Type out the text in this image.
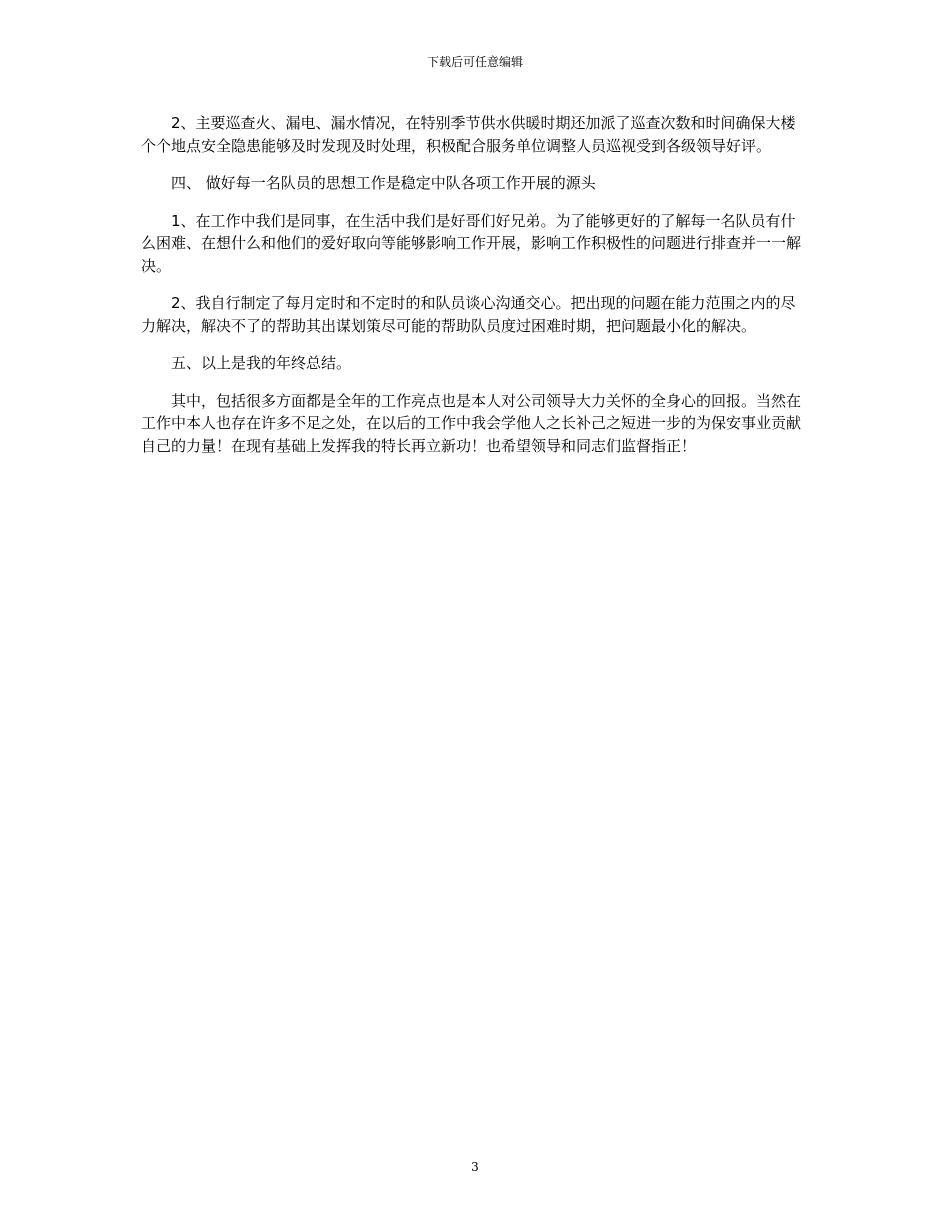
下载后可任意编辑

2、主要巡查火、漏电、漏水情况，在特别季节供水供暖时期还加派了巡查次数和时间确保大楼个个地点安全隐患能够及时发现及时处理，积极配合服务单位调整人员巡视受到各级领导好评。

四、 做好每一名队员的思想工作是稳定中队各项工作开展的源头

1、在工作中我们是同事，在生活中我们是好哥们好兄弟。为了能够更好的了解每一名队员有什么困难、在想什么和他们的爱好取向等能够影响工作开展，影响工作积极性的问题进行排查并一一解决。

2、我自行制定了每月定时和不定时的和队员谈心沟通交心。把出现的问题在能力范围之内的尽力解决，解决不了的帮助其出谋划策尽可能的帮助队员度过困难时期，把问题最小化的解决。

五、以上是我的年终总结。

其中，包括很多方面都是全年的工作亮点也是本人对公司领导大力关怀的全身心的回报。当然在工作中本人也存在许多不足之处，在以后的工作中我会学他人之长补己之短进一步的为保安事业贡献自己的力量！在现有基础上发挥我的特长再立新功！也希望领导和同志们监督指正！

3
